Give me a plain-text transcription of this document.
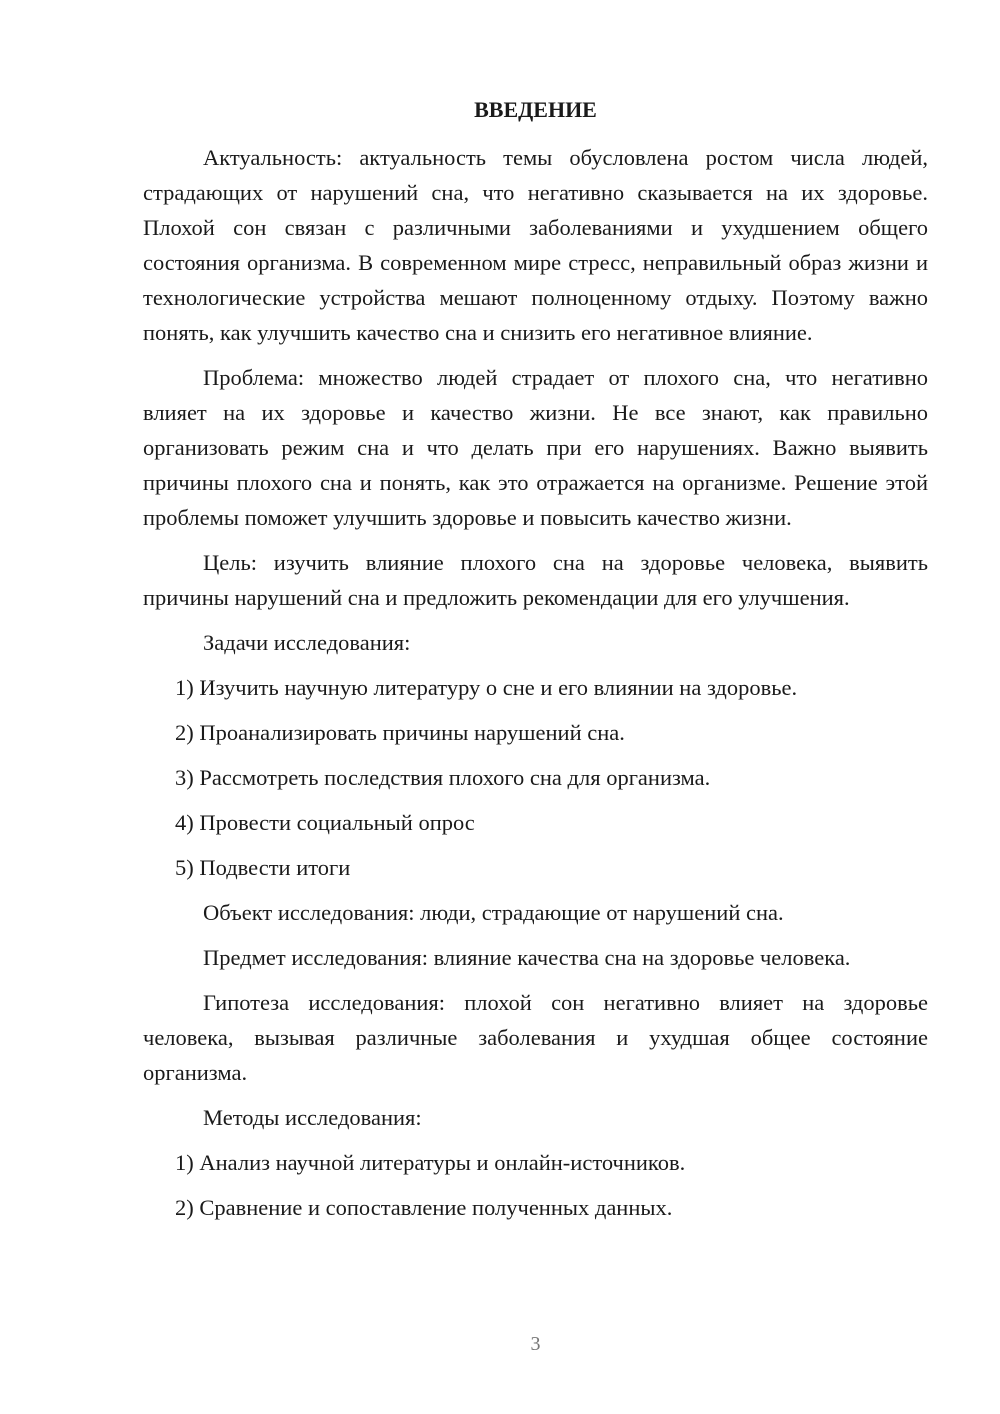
ВВЕДЕНИЕ

Актуальность: актуальность темы обусловлена ростом числа людей, страдающих от нарушений сна, что негативно сказывается на их здоровье. Плохой сон связан с различными заболеваниями и ухудшением общего состояния организма. В современном мире стресс, неправильный образ жизни и технологические устройства мешают полноценному отдыху. Поэтому важно понять, как улучшить качество сна и снизить его негативное влияние.

Проблема: множество людей страдает от плохого сна, что негативно влияет на их здоровье и качество жизни. Не все знают, как правильно организовать режим сна и что делать при его нарушениях. Важно выявить причины плохого сна и понять, как это отражается на организме. Решение этой проблемы поможет улучшить здоровье и повысить качество жизни.

Цель: изучить влияние плохого сна на здоровье человека, выявить причины нарушений сна и предложить рекомендации для его улучшения.

Задачи исследования:

1) Изучить научную литературу о сне и его влиянии на здоровье.

2) Проанализировать причины нарушений сна.

3) Рассмотреть последствия плохого сна для организма.

4) Провести социальный опрос

5) Подвести итоги

Объект исследования: люди, страдающие от нарушений сна.

Предмет исследования: влияние качества сна на здоровье человека.

Гипотеза исследования: плохой сон негативно влияет на здоровье человека, вызывая различные заболевания и ухудшая общее состояние организма.

Методы исследования:

1) Анализ научной литературы и онлайн-источников.

2) Сравнение и сопоставление полученных данных.

3
